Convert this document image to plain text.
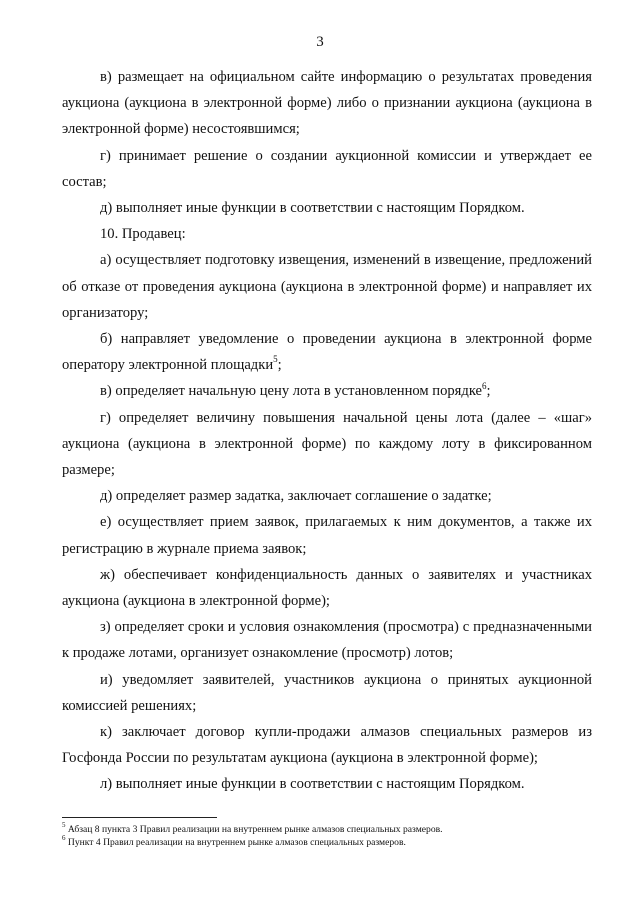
3

в) размещает на официальном сайте информацию о результатах проведения аукциона (аукциона в электронной форме) либо о признании аукциона (аукциона в электронной форме) несостоявшимся;

г) принимает решение о создании аукционной комиссии и утверждает ее состав;

д) выполняет иные функции в соответствии с настоящим Порядком.

10. Продавец:

а) осуществляет подготовку извещения, изменений в извещение, предложений об отказе от проведения аукциона (аукциона в электронной форме) и направляет их организатору;

б) направляет уведомление о проведении аукциона в электронной форме оператору электронной площадки$^5$;

в) определяет начальную цену лота в установленном порядке$^6$;

г) определяет величину повышения начальной цены лота (далее – «шаг» аукциона (аукциона в электронной форме) по каждому лоту в фиксированном размере;

д) определяет размер задатка, заключает соглашение о задатке;

е) осуществляет прием заявок, прилагаемых к ним документов, а также их регистрацию в журнале приема заявок;

ж) обеспечивает конфиденциальность данных о заявителях и участниках аукциона (аукциона в электронной форме);

з) определяет сроки и условия ознакомления (просмотра) с предназначенными к продаже лотами, организует ознакомление (просмотр) лотов;

и) уведомляет заявителей, участников аукциона о принятых аукционной комиссией решениях;

к) заключает договор купли-продажи алмазов специальных размеров из Госфонда России по результатам аукциона (аукциона в электронной форме);

л) выполняет иные функции в соответствии с настоящим Порядком.

$^5$ Абзац 8 пункта 3 Правил реализации на внутреннем рынке алмазов специальных размеров.

$^6$ Пункт 4 Правил реализации на внутреннем рынке алмазов специальных размеров.
